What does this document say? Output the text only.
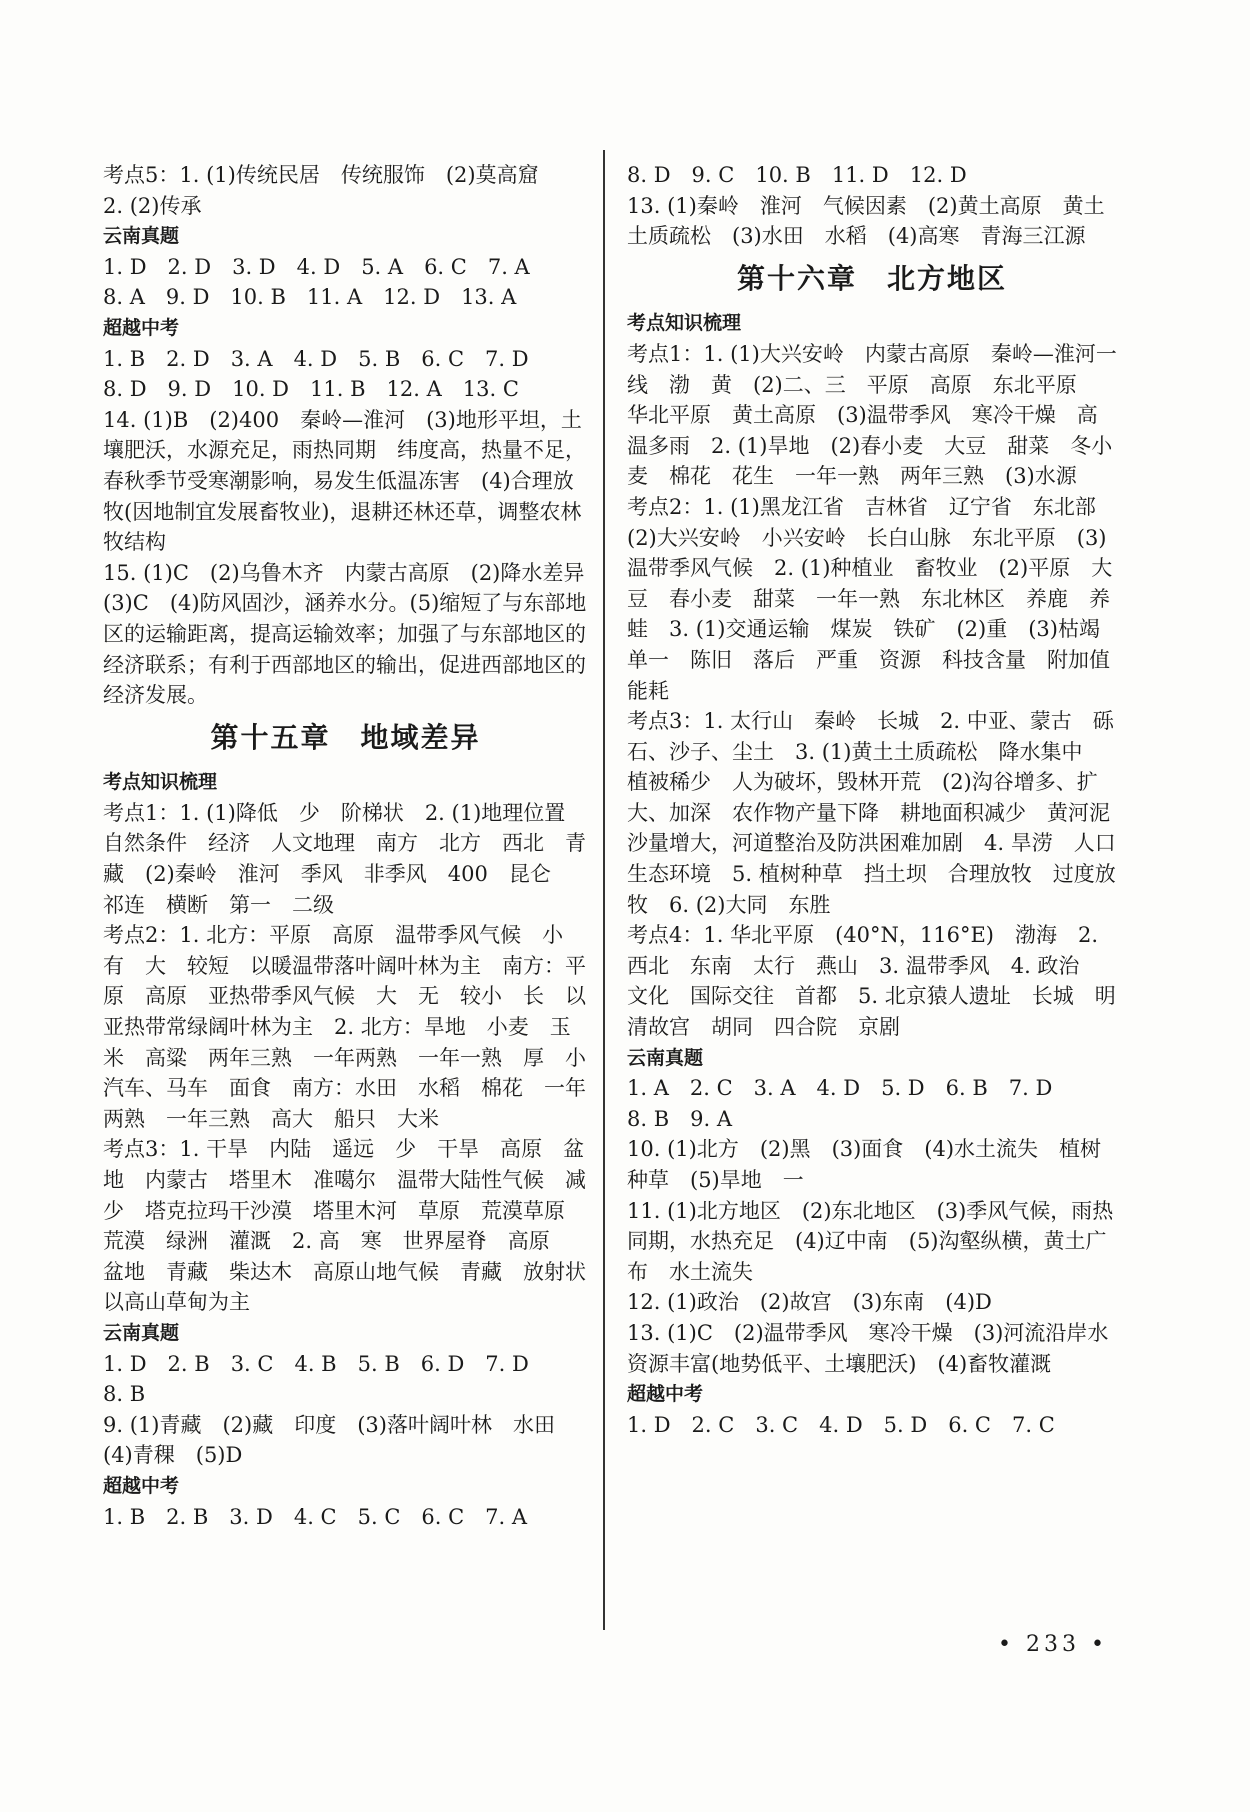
考点5：1. (1)传统民居　传统服饰　(2)莫高窟
2. (2)传承
云南真题
1. D　2. D　3. D　4. D　5. A　6. C　7. A
8. A　9. D　10. B　11. A　12. D　13. A
超越中考
1. B　2. D　3. A　4. D　5. B　6. C　7. D
8. D　9. D　10. D　11. B　12. A　13. C
14. (1)B　(2)400　秦岭—淮河　(3)地形平坦，土壤肥沃，水源充足，雨热同期　纬度高，热量不足，春秋季节受寒潮影响，易发生低温冻害　(4)合理放牧(因地制宜发展畜牧业)，退耕还林还草，调整农林牧结构
15. (1)C　(2)乌鲁木齐　内蒙古高原　(2)降水差异　(3)C　(4)防风固沙，涵养水分。(5)缩短了与东部地区的运输距离，提高运输效率；加强了与东部地区的经济联系；有利于西部地区的输出，促进西部地区的经济发展。
第十五章　地域差异
考点知识梳理
考点1：1. (1)降低　少　阶梯状　2. (1)地理位置　自然条件　经济　人文地理　南方　北方　西北　青藏　(2)秦岭　淮河　季风　非季风　400　昆仑　祁连　横断　第一　二级
考点2：1. 北方：平原　高原　温带季风气候　小　有　大　较短　以暖温带落叶阔叶林为主　南方：平原　高原　亚热带季风气候　大　无　较小　长　以亚热带常绿阔叶林为主　2. 北方：旱地　小麦　玉米　高粱　两年三熟　一年两熟　一年一熟　厚　小　汽车、马车　面食　南方：水田　水稻　棉花　一年两熟　一年三熟　高大　船只　大米
考点3：1. 干旱　内陆　遥远　少　干旱　高原　盆地　内蒙古　塔里木　准噶尔　温带大陆性气候　减少　塔克拉玛干沙漠　塔里木河　草原　荒漠草原　荒漠　绿洲　灌溉　2. 高　寒　世界屋脊　高原　盆地　青藏　柴达木　高原山地气候　青藏　放射状　以高山草甸为主
云南真题
1. D　2. B　3. C　4. B　5. B　6. D　7. D
8. B
9. (1)青藏　(2)藏　印度　(3)落叶阔叶林　水田　(4)青稞　(5)D
超越中考
1. B　2. B　3. D　4. C　5. C　6. C　7. A
8. D　9. C　10. B　11. D　12. D
13. (1)秦岭　淮河　气候因素　(2)黄土高原　黄土土质疏松　(3)水田　水稻　(4)高寒　青海三江源
第十六章　北方地区
考点知识梳理
考点1：1. (1)大兴安岭　内蒙古高原　秦岭—淮河一线　渤　黄　(2)二、三　平原　高原　东北平原　华北平原　黄土高原　(3)温带季风　寒冷干燥　高温多雨　2. (1)旱地　(2)春小麦　大豆　甜菜　冬小麦　棉花　花生　一年一熟　两年三熟　(3)水源
考点2：1. (1)黑龙江省　吉林省　辽宁省　东北部　(2)大兴安岭　小兴安岭　长白山脉　东北平原　(3)温带季风气候　2. (1)种植业　畜牧业　(2)平原　大豆　春小麦　甜菜　一年一熟　东北林区　养鹿　养蛙　3. (1)交通运输　煤炭　铁矿　(2)重　(3)枯竭　单一　陈旧　落后　严重　资源　科技含量　附加值　能耗
考点3：1. 太行山　秦岭　长城　2. 中亚、蒙古　砾石、沙子、尘土　3. (1)黄土土质疏松　降水集中　植被稀少　人为破坏，毁林开荒　(2)沟谷增多、扩大、加深　农作物产量下降　耕地面积减少　黄河泥沙量增大，河道整治及防洪困难加剧　4. 旱涝　人口　生态环境　5. 植树种草　挡土坝　合理放牧　过度放牧　6. (2)大同　东胜
考点4：1. 华北平原　(40°N，116°E)　渤海　2. 西北　东南　太行　燕山　3. 温带季风　4. 政治　文化　国际交往　首都　5. 北京猿人遗址　长城　明清故宫　胡同　四合院　京剧
云南真题
1. A　2. C　3. A　4. D　5. D　6. B　7. D
8. B　9. A
10. (1)北方　(2)黑　(3)面食　(4)水土流失　植树种草　(5)旱地　一
11. (1)北方地区　(2)东北地区　(3)季风气候，雨热同期，水热充足　(4)辽中南　(5)沟壑纵横，黄土广布　水土流失
12. (1)政治　(2)故宫　(3)东南　(4)D
13. (1)C　(2)温带季风　寒冷干燥　(3)河流沿岸水资源丰富(地势低平、土壤肥沃)　(4)畜牧灌溉
超越中考
1. D　2. C　3. C　4. D　5. D　6. C　7. C
• 233 •
